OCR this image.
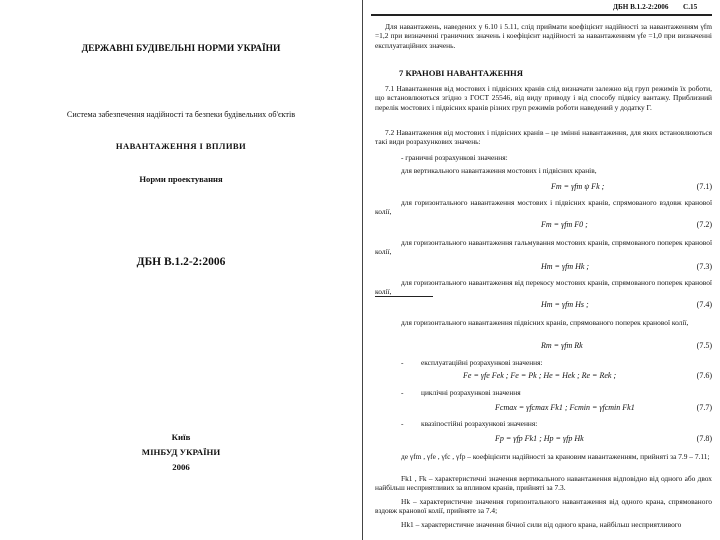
ДЕРЖАВНІ БУДІВЕЛЬНІ НОРМИ УКРАЇНИ
Система забезпечення надійності та безпеки будівельних об'єктів
НАВАНТАЖЕННЯ І ВПЛИВИ
Норми проектування
ДБН В.1.2-2:2006
Київ
МІНБУД УКРАЇНИ
2006
ДБН В.1.2-2:2006 С.15
Для навантажень, наведених у 6.10 і 5.11, слід приймати коефіцієнт надійності за навантаженням γfm =1,2 при визначенні граничних значень і коефіцієнт надійності за навантаженням γfe =1,0 при визначенні експлуатаційних значень.
7 КРАНОВІ НАВАНТАЖЕННЯ
7.1 Навантаження від мостових і підвісних кранів слід визначати залежно від груп режимів їх роботи, що встановлюються згідно з ГОСТ 25546, від виду приводу і від способу підвісу вантажу. Приблизний перелік мостових і підвісних кранів різних груп режимів роботи наведений у додатку Г.
7.2 Навантаження від мостових і підвісних кранів – це змінні навантаження, для яких встановлюються такі види розрахункових значень:
- граничні розрахункові значення:
для вертикального навантаження мостових і підвісних кранів,
Fm = γfm ψ Fk ;	(7.1)
для горизонтального навантаження мостових і підвісних кранів, спрямованого вздовж кранової колії,
Fm = γfm F0 ;	(7.2)
для горизонтального навантаження гальмування мостових кранів, спрямованого поперек кранової колії,
Hm = γfm Hk ;	(7.3)
для горизонтального навантаження від перекосу мостових кранів, спрямованого поперек кранової колії,
Hm = γfm Hs ;	(7.4)
для горизонтального навантаження підвісних кранів, спрямованого поперек кранової колії,
Rm = γfm Rk	(7.5)
- експлуатаційні розрахункові значення:
Fe = γfe Fek ; Fe = Pk ; He = Hek ; Re = Rek ;	(7.6)
- циклічні розрахункові значення
Fcmax = γfcmax Fk1 ; Fcmin = γfcmin Fk1	(7.7)
- квазіпостійні розрахункові значення:
Fp = γfp Fk1 ; Hp = γfp Hk	(7.8)
де γfm , γfe , γfc , γfp – коефіцієнти надійності за крановим навантаженням, прийняті за 7.9 – 7.11;
Fk1 , Fk – характеристичні значення вертикального навантаження відповідно від одного або двох найбільш несприятливих за впливом кранів, прийняті за 7.3.
Hk – характеристичне значення горизонтального навантаження від одного крана, спрямованого вздовж кранової колії, прийняте за 7.4;
Hk1 – характеристичне значення бічної сили від одного крана, найбільш несприятливого
